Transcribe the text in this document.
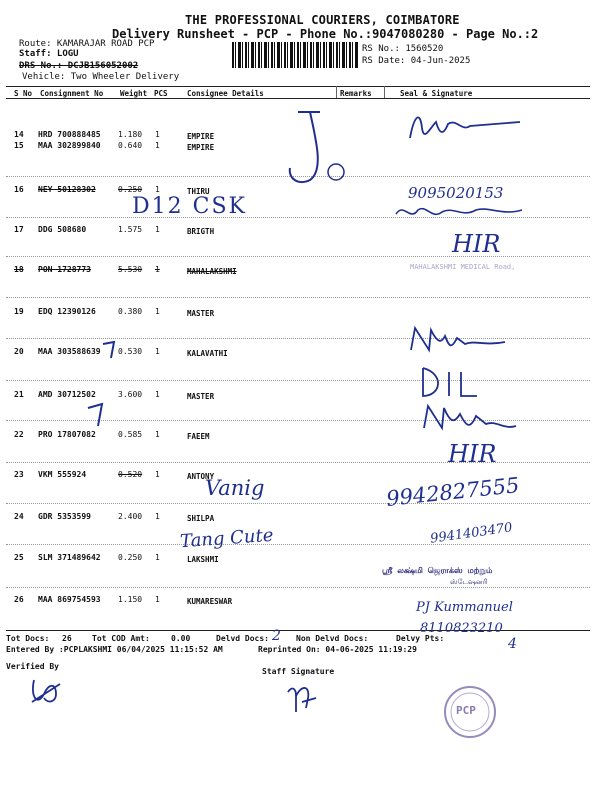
THE PROFESSIONAL COURIERS, COIMBATORE
Delivery Runsheet - PCP - Phone No.:9047080280 - Page No.:2
Route: KAMARAJAR ROAD PCP
Staff: LOGU
DRS No.: DCJB156052002
Vehicle: Two Wheeler Delivery
RS No.: 1560520
RS Date: 04-Jun-2025
S No Consignment No Weight PCS	Consignee Details	Remarks	Seal & Signature
14 HRD 700888485 1.180 1	EMPIRE
15 MAA 302899840 0.640 1	EMPIRE
16 NEY 50128302	0.250 1	THIRU
17 DDG 508680	1.575 1	BRIGTH
18 PON 1728773	5.530 1	MAHALAKSHMI
19 EDQ 12390126	0.380 1	MASTER
20 MAA 303588639 0.530 1	KALAVATHI
21 AMD 30712502	3.600 1	MASTER
22 PRO 17807082	0.585 1	FAEEM
23 VKM 555924	0.520 1	ANTONY
24 GDR 5353599	2.400 1	SHILPA
25 SLM 371489642 0.250 1	LAKSHMI
26 MAA 869754593 1.150 1	KUMARESWAR
D12 CSK
9095020153
HIR
MAHALAKSHMI MEDICAL Road,
HIR
Vanig
Tang Cute
9942827555
9941403470
ஸ்ரீ லக்ஷ்மி ஜெராக்ஸ் மற்றும்
ஸ்டேஷனரி
PJ Kummanuel
8110823210
Tot Docs: 26	Tot COD Amt:	0.00	Delvd Docs: 2 Non Delvd Docs:	Delvy Pts:	4
Entered By :PCPLAKSHMI 06/04/2025 11:15:52 AM	Reprinted On: 04-06-2025 11:19:29
Verified By
Staff Signature
PCP
